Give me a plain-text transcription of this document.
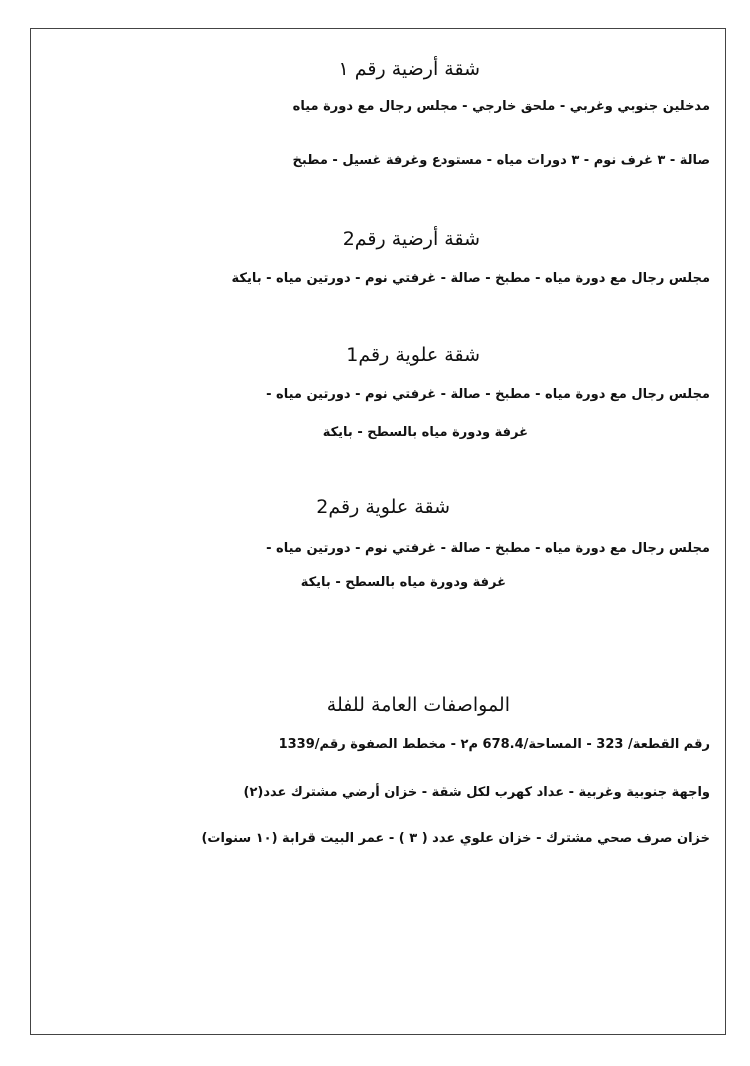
شقة أرضية رقم ١
مدخلين جنوبي وغربي - ملحق خارجي - مجلس رجال مع دورة مياه
صالة - ٣ غرف نوم - ٣ دورات مياه - مستودع وغرفة غسيل - مطبخ
شقة أرضية رقم2
مجلس رجال مع دورة مياه - مطبخ - صالة - غرفتي نوم - دورتين مياه - بايكة
شقة علوية رقم1
مجلس رجال مع دورة مياه - مطبخ - صالة - غرفتي نوم - دورتين مياه -
غرفة ودورة مياه بالسطح - بايكة
شقة علوية رقم2
مجلس رجال مع دورة مياه - مطبخ - صالة - غرفتي نوم - دورتين مياه -
غرفة ودورة مياه بالسطح - بايكة
المواصفات العامة للفلة
رقم القطعة/ 323 - المساحة/678.4 م٢ - مخطط الصفوة رقم/1339
واجهة جنوبية وغربية - عداد كهرب لكل شقة - خزان أرضي مشترك عدد(٢)
خزان صرف صحي مشترك - خزان علوي عدد ( ٣ ) - عمر البيت قرابة (١٠ سنوات)
